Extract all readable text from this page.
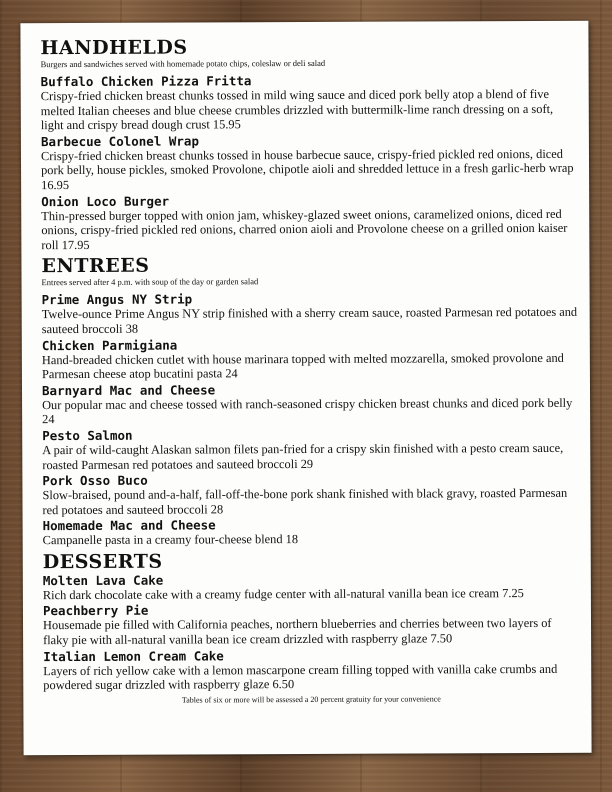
HANDHELDS

Burgers and sandwiches served with homemade potato chips, coleslaw or deli salad

Buffalo Chicken Pizza Fritta

Crispy-fried chicken breast chunks tossed in mild wing sauce and diced pork belly atop a blend of five melted Italian cheeses and blue cheese crumbles drizzled with buttermilk-lime ranch dressing on a soft, light and crispy bread dough crust 15.95

Barbecue Colonel Wrap

Crispy-fried chicken breast chunks tossed in house barbecue sauce, crispy-fried pickled red onions, diced pork belly, house pickles, smoked Provolone, chipotle aioli and shredded lettuce in a fresh garlic-herb wrap 16.95

Onion Loco Burger

Thin-pressed burger topped with onion jam, whiskey-glazed sweet onions, caramelized onions, diced red onions, crispy-fried pickled red onions, charred onion aioli and Provolone cheese on a grilled onion kaiser roll 17.95

ENTREES

Entrees served after 4 p.m. with soup of the day or garden salad

Prime Angus NY Strip

Twelve-ounce Prime Angus NY strip finished with a sherry cream sauce, roasted Parmesan red potatoes and sauteed broccoli 38

Chicken Parmigiana

Hand-breaded chicken cutlet with house marinara topped with melted mozzarella, smoked provolone and Parmesan cheese atop bucatini pasta 24

Barnyard Mac and Cheese

Our popular mac and cheese tossed with ranch-seasoned crispy chicken breast chunks and diced pork belly 24

Pesto Salmon

A pair of wild-caught Alaskan salmon filets pan-fried for a crispy skin finished with a pesto cream sauce, roasted Parmesan red potatoes and sauteed broccoli 29

Pork Osso Buco

Slow-braised, pound and-a-half, fall-off-the-bone pork shank finished with black gravy, roasted Parmesan red potatoes and sauteed broccoli 28

Homemade Mac and Cheese

Campanelle pasta in a creamy four-cheese blend 18

DESSERTS

Molten Lava Cake

Rich dark chocolate cake with a creamy fudge center with all-natural vanilla bean ice cream 7.25

Peachberry Pie

Housemade pie filled with California peaches, northern blueberries and cherries between two layers of flaky pie with all-natural vanilla bean ice cream drizzled with raspberry glaze 7.50

Italian Lemon Cream Cake

Layers of rich yellow cake with a lemon mascarpone cream filling topped with vanilla cake crumbs and powdered sugar drizzled with raspberry glaze 6.50

Tables of six or more will be assessed a 20 percent gratuity for your convenience
